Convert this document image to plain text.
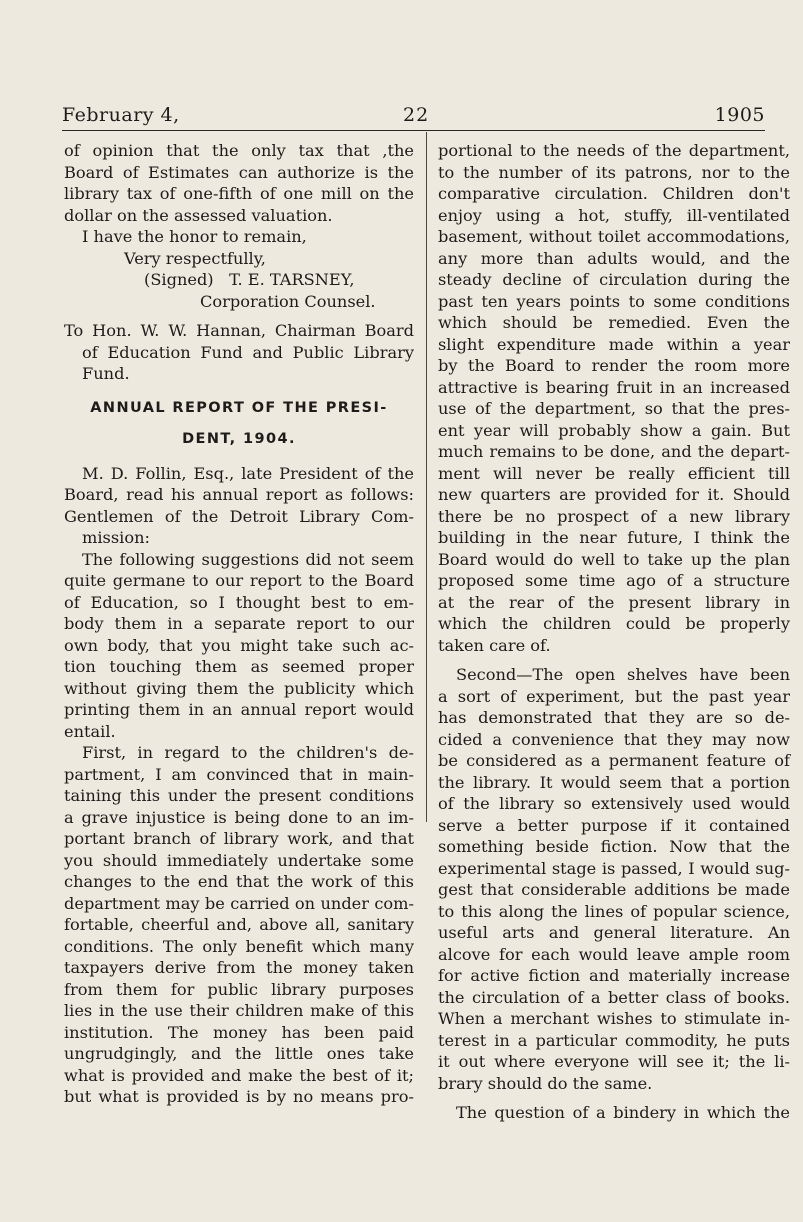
February 4,	22	1905
of opinion that the only tax that ,the
Board of Estimates can authorize is the
library tax of one-fifth of one mill on the
dollar on the assessed valuation.
I have the honor to remain,
Very respectfully,
(Signed)   T. E. TARSNEY,
Corporation Counsel.
To Hon. W. W. Hannan, Chairman Board
of Education Fund and Public Library
Fund.
ANNUAL REPORT OF THE PRESI-
DENT, 1904.
M. D. Follin, Esq., late President of the
Board, read his annual report as follows:
Gentlemen of the Detroit Library Com-
mission:
The following suggestions did not seem
quite germane to our report to the Board
of Education, so I thought best to em-
body them in a separate report to our
own body, that you might take such ac-
tion touching them as seemed proper
without giving them the publicity which
printing them in an annual report would
entail.
First, in regard to the children's de-
partment, I am convinced that in main-
taining this under the present conditions
a grave injustice is being done to an im-
portant branch of library work, and that
you should immediately undertake some
changes to the end that the work of this
department may be carried on under com-
fortable, cheerful and, above all, sanitary
conditions. The only benefit which many
taxpayers derive from the money taken
from them for public library purposes
lies in the use their children make of this
institution. The money has been paid
ungrudgingly, and the little ones take
what is provided and make the best of it;
but what is provided is by no means pro-
portional to the needs of the department,
to the number of its patrons, nor to the
comparative circulation. Children don't
enjoy using a hot, stuffy, ill-ventilated
basement, without toilet accommodations,
any more than adults would, and the
steady decline of circulation during the
past ten years points to some conditions
which should be remedied. Even the
slight expenditure made within a year
by the Board to render the room more
attractive is bearing fruit in an increased
use of the department, so that the pres-
ent year will probably show a gain. But
much remains to be done, and the depart-
ment will never be really efficient till
new quarters are provided for it. Should
there be no prospect of a new library
building in the near future, I think the
Board would do well to take up the plan
proposed some time ago of a structure
at the rear of the present library in
which the children could be properly
taken care of.
Second—The open shelves have been
a sort of experiment, but the past year
has demonstrated that they are so de-
cided a convenience that they may now
be considered as a permanent feature of
the library. It would seem that a portion
of the library so extensively used would
serve a better purpose if it contained
something beside fiction. Now that the
experimental stage is passed, I would sug-
gest that considerable additions be made
to this along the lines of popular science,
useful arts and general literature. An
alcove for each would leave ample room
for active fiction and materially increase
the circulation of a better class of books.
When a merchant wishes to stimulate in-
terest in a particular commodity, he puts
it out where everyone will see it; the li-
brary should do the same.
The question of a bindery in which the
